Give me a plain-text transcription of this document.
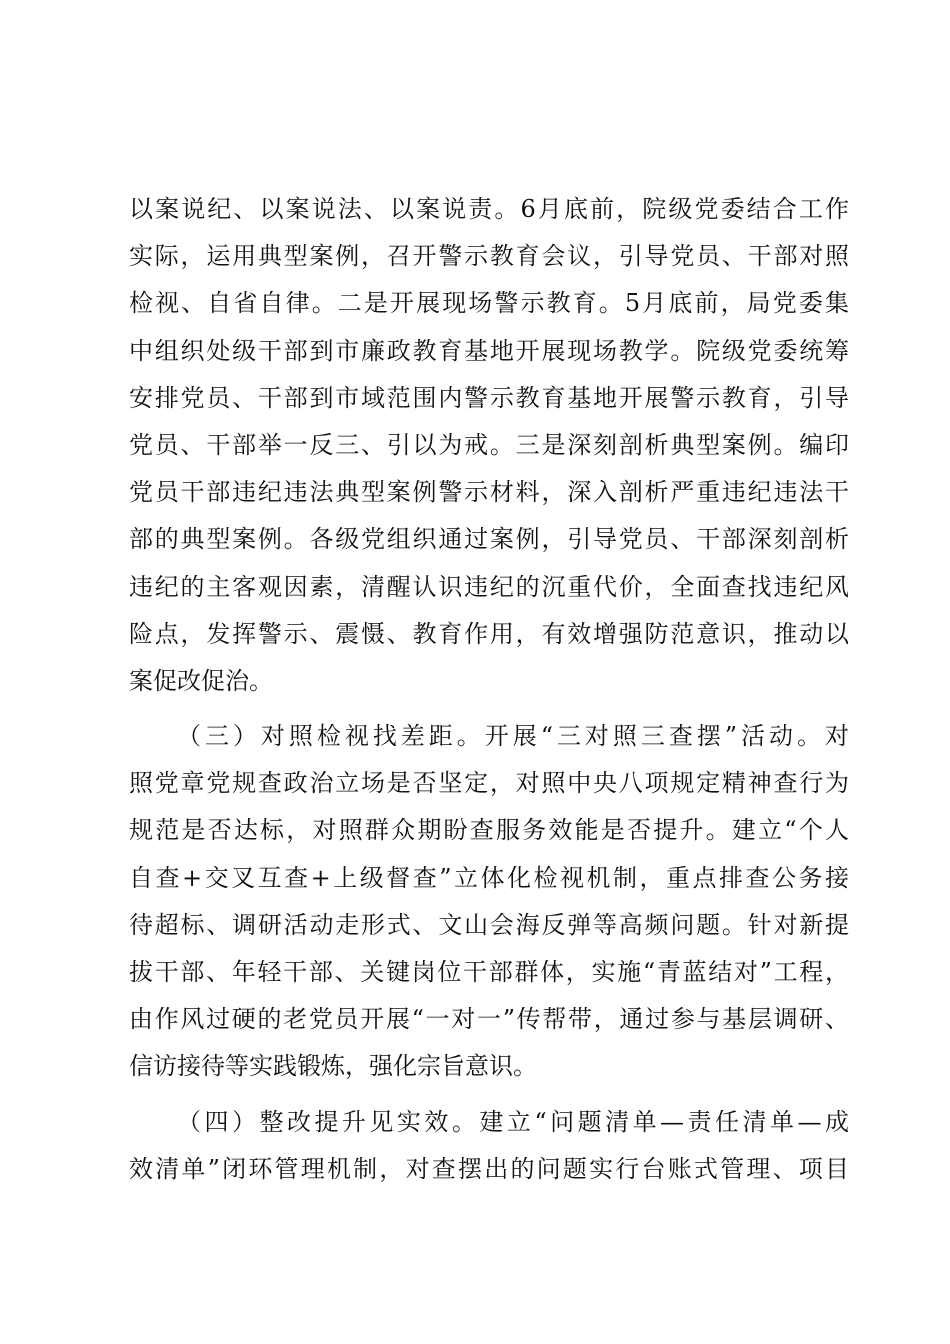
以案说纪、以案说法、以案说责。6月底前，院级党委结合工作
实际，运用典型案例，召开警示教育会议，引导党员、干部对照
检视、自省自律。二是开展现场警示教育。5月底前，局党委集
中组织处级干部到市廉政教育基地开展现场教学。院级党委统筹
安排党员、干部到市域范围内警示教育基地开展警示教育，引导
党员、干部举一反三、引以为戒。三是深刻剖析典型案例。编印
党员干部违纪违法典型案例警示材料，深入剖析严重违纪违法干
部的典型案例。各级党组织通过案例，引导党员、干部深刻剖析
违纪的主客观因素，清醒认识违纪的沉重代价，全面查找违纪风
险点，发挥警示、震慑、教育作用，有效增强防范意识，推动以
案促改促治。
（三）对照检视找差距。开展“三对照三查摆”活动。对
照党章党规查政治立场是否坚定，对照中央八项规定精神查行为
规范是否达标，对照群众期盼查服务效能是否提升。建立“个人
自查+交叉互查+上级督查”立体化检视机制，重点排查公务接
待超标、调研活动走形式、文山会海反弹等高频问题。针对新提
拔干部、年轻干部、关键岗位干部群体，实施“青蓝结对”工程，
由作风过硬的老党员开展“一对一”传帮带，通过参与基层调研、
信访接待等实践锻炼，强化宗旨意识。
（四）整改提升见实效。建立“问题清单—责任清单—成
效清单”闭环管理机制，对查摆出的问题实行台账式管理、项目
